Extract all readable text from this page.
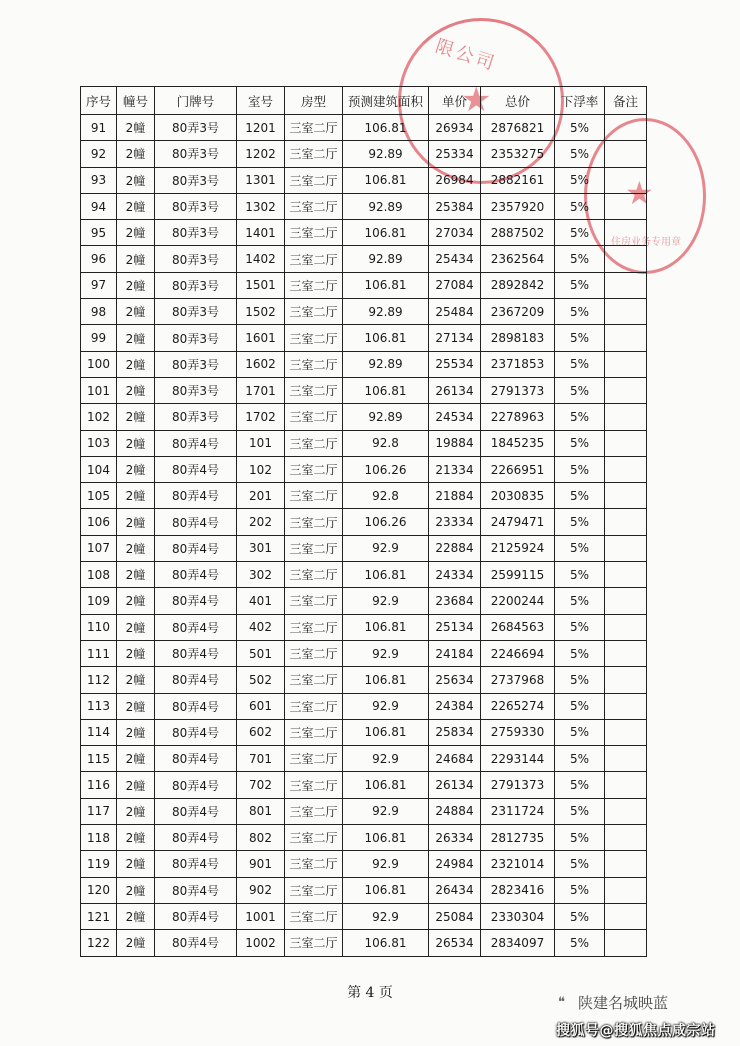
限公司
★
★
住房业务专用章
序号	幢号	门牌号	室号	房型	预测建筑面积	单价	总价	下浮率	备注
91	2幢	80弄3号	1201	三室二厅	106.81	26934	2876821	5%	
92	2幢	80弄3号	1202	三室二厅	92.89	25334	2353275	5%	
93	2幢	80弄3号	1301	三室二厅	106.81	26984	2882161	5%	
94	2幢	80弄3号	1302	三室二厅	92.89	25384	2357920	5%	
95	2幢	80弄3号	1401	三室二厅	106.81	27034	2887502	5%	
96	2幢	80弄3号	1402	三室二厅	92.89	25434	2362564	5%	
97	2幢	80弄3号	1501	三室二厅	106.81	27084	2892842	5%	
98	2幢	80弄3号	1502	三室二厅	92.89	25484	2367209	5%	
99	2幢	80弄3号	1601	三室二厅	106.81	27134	2898183	5%	
100	2幢	80弄3号	1602	三室二厅	92.89	25534	2371853	5%	
101	2幢	80弄3号	1701	三室二厅	106.81	26134	2791373	5%	
102	2幢	80弄3号	1702	三室二厅	92.89	24534	2278963	5%	
103	2幢	80弄4号	101	三室二厅	92.8	19884	1845235	5%	
104	2幢	80弄4号	102	三室二厅	106.26	21334	2266951	5%	
105	2幢	80弄4号	201	三室二厅	92.8	21884	2030835	5%	
106	2幢	80弄4号	202	三室二厅	106.26	23334	2479471	5%	
107	2幢	80弄4号	301	三室二厅	92.9	22884	2125924	5%	
108	2幢	80弄4号	302	三室二厅	106.81	24334	2599115	5%	
109	2幢	80弄4号	401	三室二厅	92.9	23684	2200244	5%	
110	2幢	80弄4号	402	三室二厅	106.81	25134	2684563	5%	
111	2幢	80弄4号	501	三室二厅	92.9	24184	2246694	5%	
112	2幢	80弄4号	502	三室二厅	106.81	25634	2737968	5%	
113	2幢	80弄4号	601	三室二厅	92.9	24384	2265274	5%	
114	2幢	80弄4号	602	三室二厅	106.81	25834	2759330	5%	
115	2幢	80弄4号	701	三室二厅	92.9	24684	2293144	5%	
116	2幢	80弄4号	702	三室二厅	106.81	26134	2791373	5%	
117	2幢	80弄4号	801	三室二厅	92.9	24884	2311724	5%	
118	2幢	80弄4号	802	三室二厅	106.81	26334	2812735	5%	
119	2幢	80弄4号	901	三室二厅	92.9	24984	2321014	5%	
120	2幢	80弄4号	902	三室二厅	106.81	26434	2823416	5%	
121	2幢	80弄4号	1001	三室二厅	92.9	25084	2330304	5%	
122	2幢	80弄4号	1002	三室二厅	106.81	26534	2834097	5%	
第 4 页
❝ 陕建名城映蓝
搜狐号@搜狐焦点咸宗站
